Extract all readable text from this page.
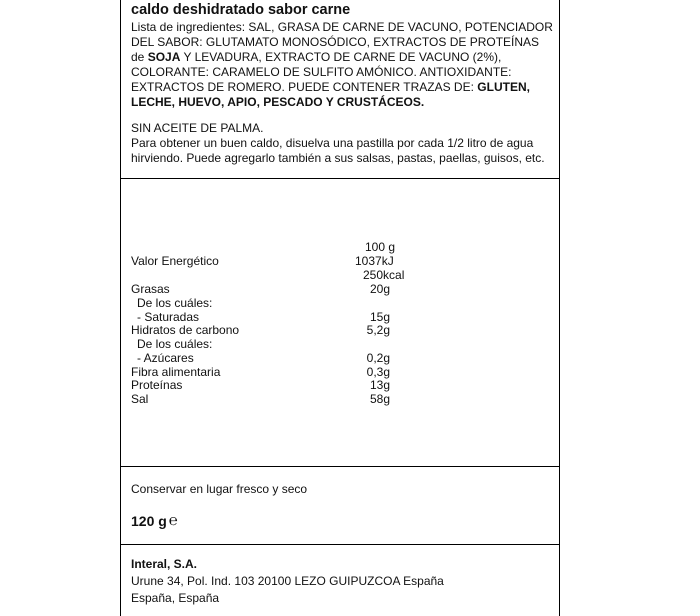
caldo deshidratado sabor carne
Lista de ingredientes: SAL, GRASA DE CARNE DE VACUNO, POTENCIADOR
DEL SABOR: GLUTAMATO MONOSÓDICO, EXTRACTOS DE PROTEÍNAS
de SOJA Y LEVADURA, EXTRACTO DE CARNE DE VACUNO (2%),
COLORANTE: CARAMELO DE SULFITO AMÓNICO. ANTIOXIDANTE:
EXTRACTOS DE ROMERO. PUEDE CONTENER TRAZAS DE: GLUTEN,
LECHE, HUEVO, APIO, PESCADO Y CRUSTÁCEOS.
SIN ACEITE DE PALMA.
Para obtener un buen caldo, disuelva una pastilla por cada 1/2 litro de agua
hirviendo. Puede agregarlo también a sus salsas, pastas, paellas, guisos, etc.
100 g
Valor Energético	1037kJ
250kcal
Grasas	20g
De los cuáles:
- Saturadas	15g
Hidratos de carbono	5,2g
De los cuáles:
- Azúcares	0,2g
Fibra alimentaria	0,3g
Proteínas	13g
Sal	58g
Conservar en lugar fresco y seco
120 g ℮
Interal, S.A.
Urune 34, Pol. Ind. 103 20100 LEZO GUIPUZCOA España
España, España
